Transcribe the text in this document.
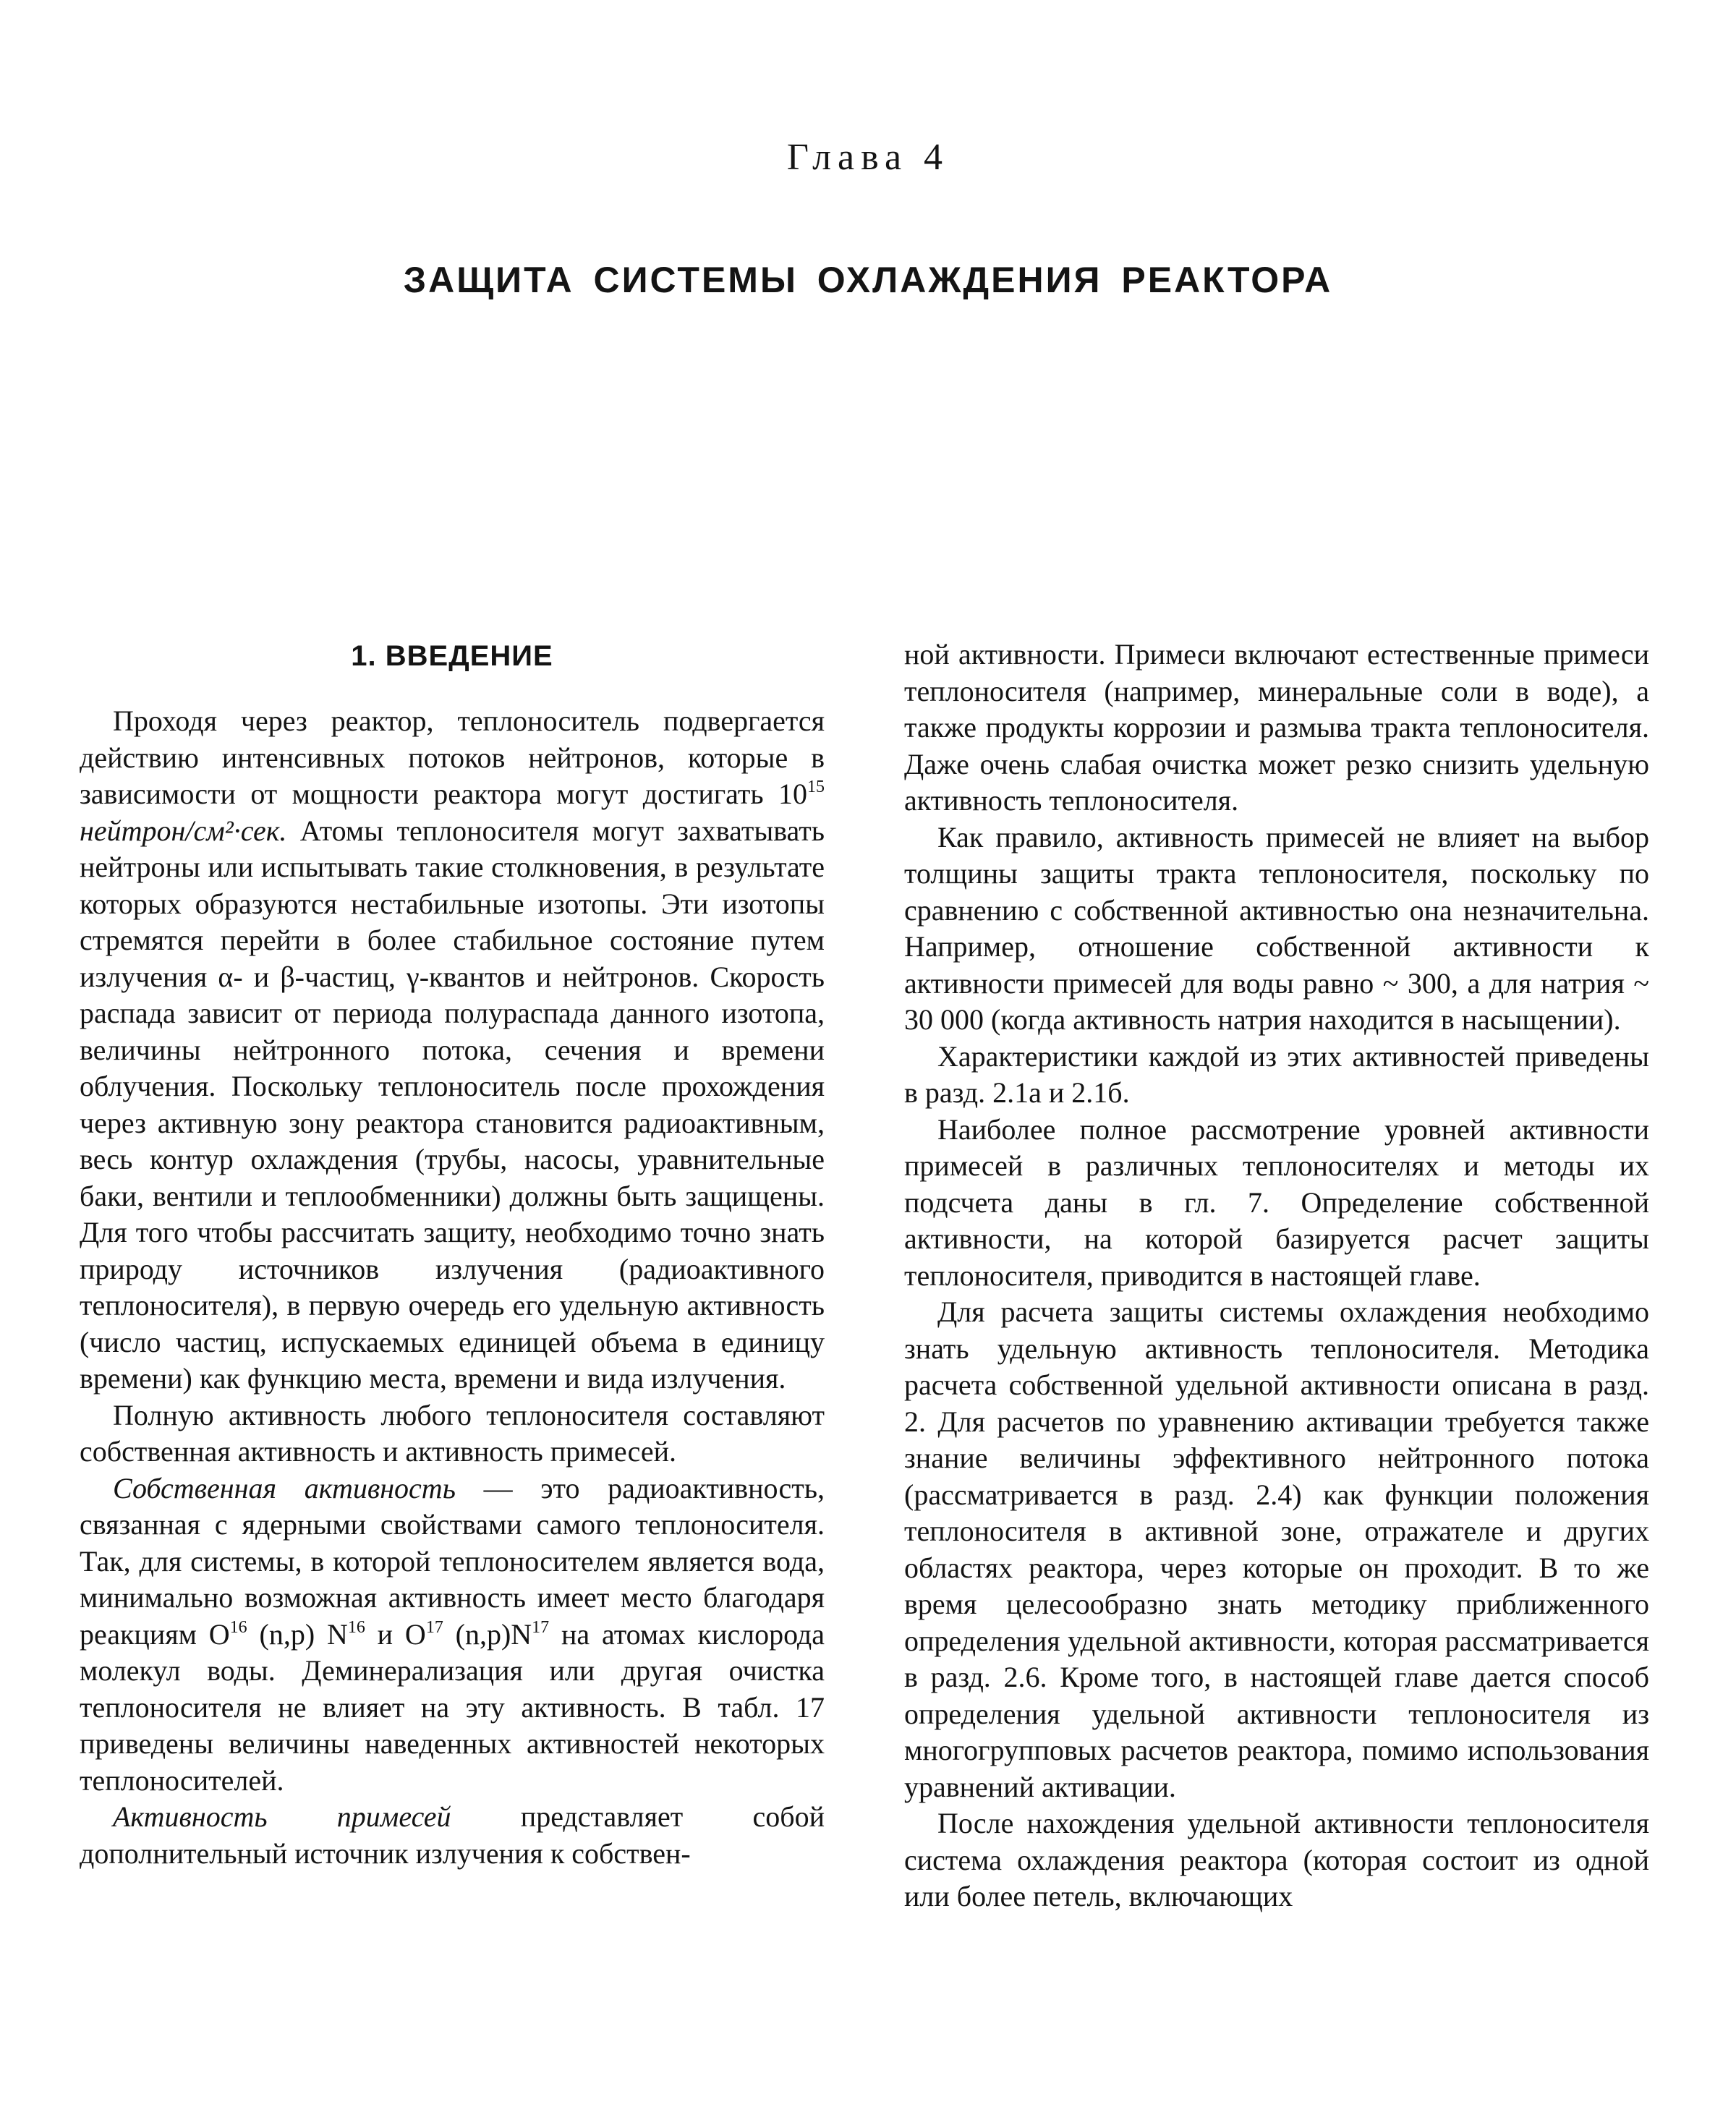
Глава 4
ЗАЩИТА СИСТЕМЫ ОХЛАЖДЕНИЯ РЕАКТОРА
1. ВВЕДЕНИЕ

Проходя через реактор, теплоноситель подвергается действию интенсивных потоков нейтронов, которые в зависимости от мощности реактора могут достигать $10^{15}$ нейтрон/см²·сек. Атомы теплоносителя могут захватывать нейтроны или испытывать такие столкновения, в результате которых образуются нестабильные изотопы. Эти изотопы стремятся перейти в более стабильное состояние путем излучения α- и β-частиц, γ-квантов и нейтронов. Скорость распада зависит от периода полураспада данного изотопа, величины нейтронного потока, сечения и времени облучения. Поскольку теплоноситель после прохождения через активную зону реактора становится радиоактивным, весь контур охлаждения (трубы, насосы, уравнительные баки, вентили и теплообменники) должны быть защищены. Для того чтобы рассчитать защиту, необходимо точно знать природу источников излучения (радиоактивного теплоносителя), в первую очередь его удельную активность (число частиц, испускаемых единицей объема в единицу времени) как функцию места, времени и вида излучения.

Полную активность любого теплоносителя составляют собственная активность и активность примесей.

Собственная активность — это радиоактивность, связанная с ядерными свойствами самого теплоносителя. Так, для системы, в которой теплоносителем является вода, минимально возможная активность имеет место благодаря реакциям $O^{16}$ (n,p) $N^{16}$ и $O^{17}$ $(n,p)N^{17}$ на атомах кислорода молекул воды. Деминерализация или другая очистка теплоносителя не влияет на эту активность. В табл. 17 приведены величины наведенных активностей некоторых теплоносителей.

Активность примесей представляет собой дополнительный источник излучения к собствен-

ной активности. Примеси включают естественные примеси теплоносителя (например, минеральные соли в воде), а также продукты коррозии и размыва тракта теплоносителя. Даже очень слабая очистка может резко снизить удельную активность теплоносителя.

Как правило, активность примесей не влияет на выбор толщины защиты тракта теплоносителя, поскольку по сравнению с собственной активностью она незначительна. Например, отношение собственной активности к активности примесей для воды равно ~ 300, а для натрия ~ 30 000 (когда активность натрия находится в насыщении).

Характеристики каждой из этих активностей приведены в разд. 2.1а и 2.1б.

Наиболее полное рассмотрение уровней активности примесей в различных теплоносителях и методы их подсчета даны в гл. 7. Определение собственной активности, на которой базируется расчет защиты теплоносителя, приводится в настоящей главе.

Для расчета защиты системы охлаждения необходимо знать удельную активность теплоносителя. Методика расчета собственной удельной активности описана в разд. 2. Для расчетов по уравнению активации требуется также знание величины эффективного нейтронного потока (рассматривается в разд. 2.4) как функции положения теплоносителя в активной зоне, отражателе и других областях реактора, через которые он проходит. В то же время целесообразно знать методику приближенного определения удельной активности, которая рассматривается в разд. 2.6. Кроме того, в настоящей главе дается способ определения удельной активности теплоносителя из многогрупповых расчетов реактора, помимо использования уравнений активации.

После нахождения удельной активности теплоносителя система охлаждения реактора (которая состоит из одной или более петель, включающих
